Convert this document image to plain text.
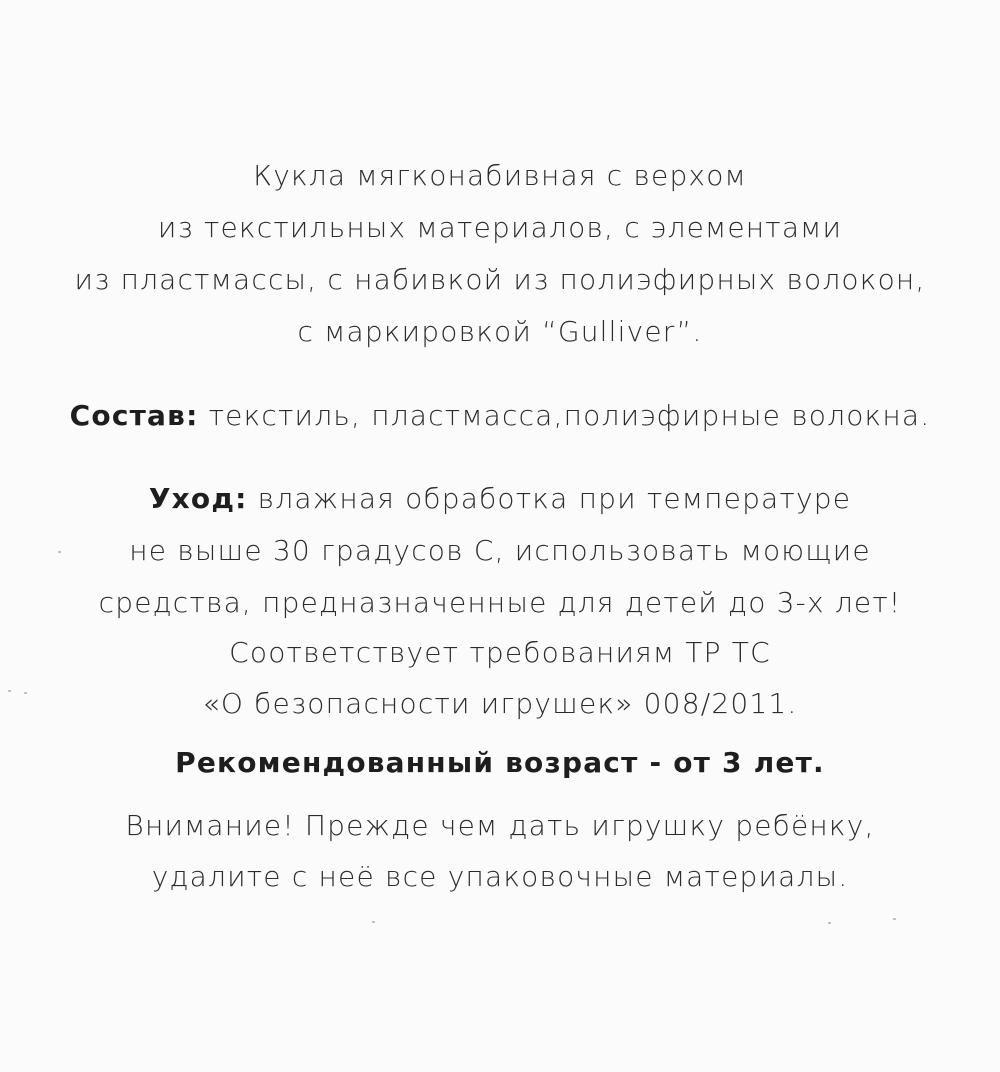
Кукла мягконабивная с верхом
из текстильных материалов, с элементами
из пластмассы, с набивкой из полиэфирных волокон,
с маркировкой “Gulliver”.
Состав: текстиль, пластмасса,полиэфирные волокна.
Уход: влажная обработка при температуре
не выше 30 градусов С, использовать моющие
средства, предназначенные для детей до 3-х лет!
Соответствует требованиям ТР ТС
«О безопасности игрушек» 008/2011.
Рекомендованный возраст - от 3 лет.
Внимание! Прежде чем дать игрушку ребёнку,
удалите с неё все упаковочные материалы.
